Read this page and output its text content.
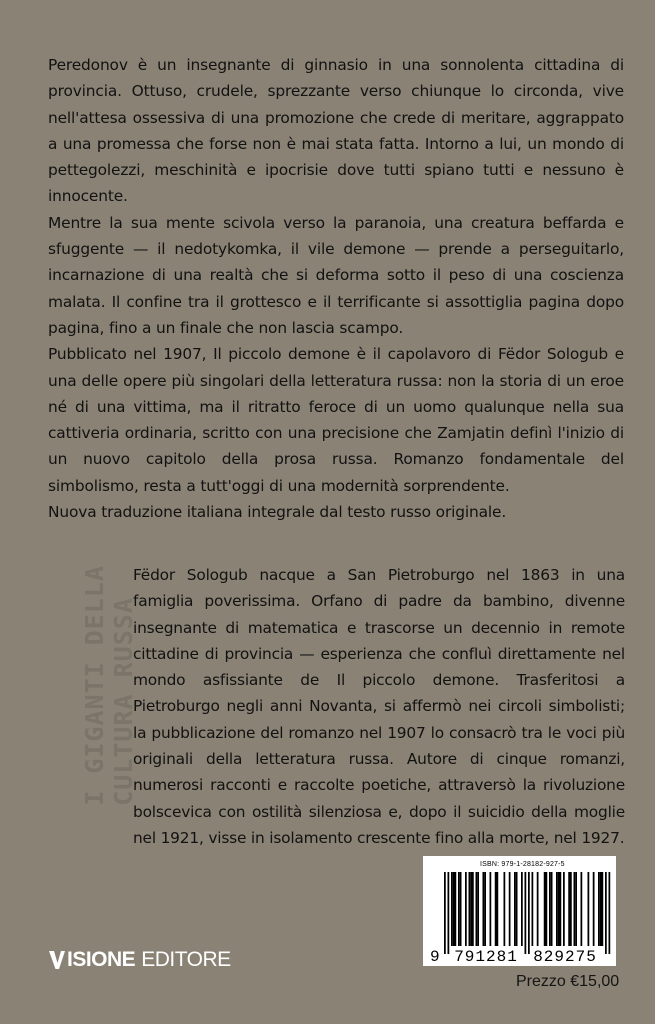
Peredonov è un insegnante di ginnasio in una sonnolenta cittadina di provincia. Ottuso, crudele, sprezzante verso chiunque lo circonda, vive nell'attesa ossessiva di una promozione che crede di meritare, aggrappato a una promessa che forse non è mai stata fatta. Intorno a lui, un mondo di pettegolezzi, meschinità e ipocrisie dove tutti spiano tutti e nessuno è innocente.

Mentre la sua mente scivola verso la paranoia, una creatura beffarda e sfuggente — il nedotykomka, il vile demone — prende a perseguitarlo, incarnazione di una realtà che si deforma sotto il peso di una coscienza malata. Il confine tra il grottesco e il terrificante si assottiglia pagina dopo pagina, fino a un finale che non lascia scampo.

Pubblicato nel 1907, Il piccolo demone è il capolavoro di Fëdor Sologub e una delle opere più singolari della letteratura russa: non la storia di un eroe né di una vittima, ma il ritratto feroce di un uomo qualunque nella sua cattiveria ordinaria, scritto con una precisione che Zamjatin definì l'inizio di un nuovo capitolo della prosa russa. Romanzo fondamentale del simbolismo, resta a tutt'oggi di una modernità sorprendente.

Nuova traduzione italiana integrale dal testo russo originale.

I GIGANTI DELLA
CULTURA RUSSA
Fëdor Sologub nacque a San Pietroburgo nel 1863 in una famiglia poverissima. Orfano di padre da bambino, divenne insegnante di matematica e trascorse un decennio in remote cittadine di provincia — esperienza che confluì direttamente nel mondo asfissiante de Il piccolo demone. Trasferitosi a Pietroburgo negli anni Novanta, si affermò nei circoli simbolisti; la pubblicazione del romanzo nel 1907 lo consacrò tra le voci più originali della letteratura russa. Autore di cinque romanzi, numerosi racconti e raccolte poetiche, attraversò la rivoluzione bolscevica con ostilità silenziosa e, dopo il suicidio della moglie nel 1921, visse in isolamento crescente fino alla morte, nel 1927.
ISBN: 979-1-28182-927-5
9 791281 829275
ISIONE EDITORE
Prezzo €15,00
